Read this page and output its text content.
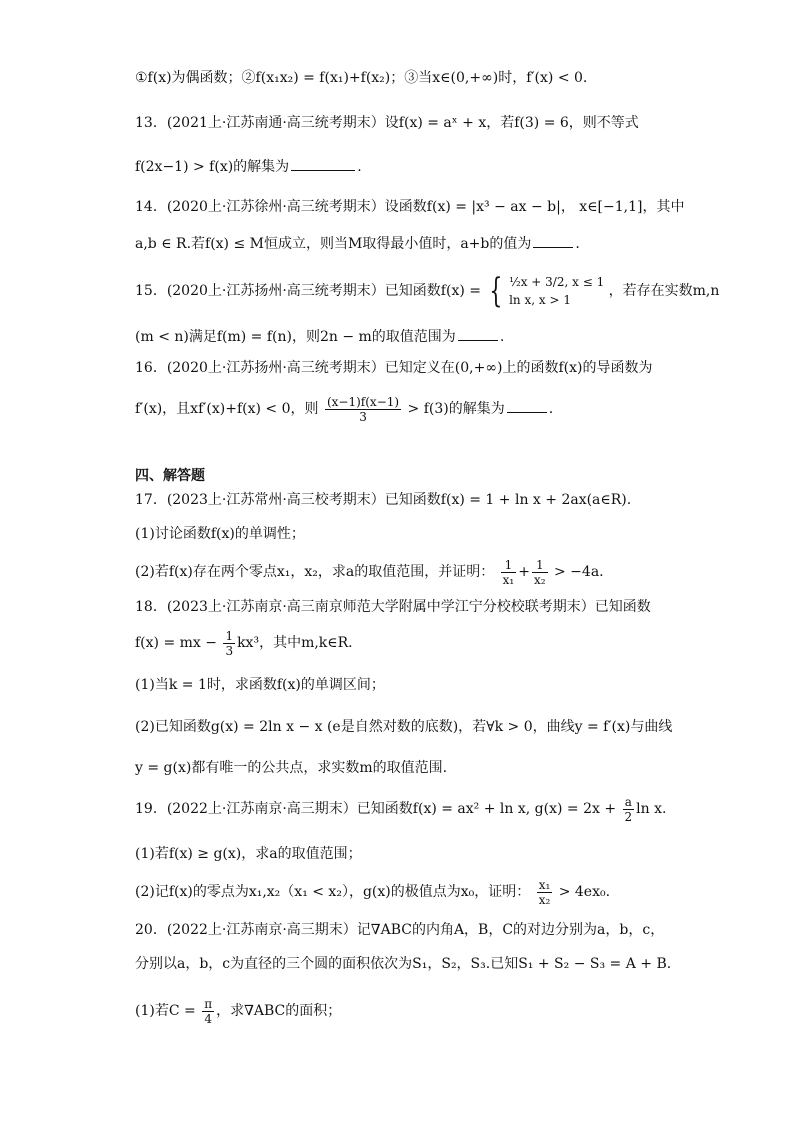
①f(x)为偶函数；②f(x₁x₂) = f(x₁)+f(x₂)；③当x∈(0,+∞)时，f′(x) < 0.
13．(2021上·江苏南通·高三统考期末）设f(x) = aˣ + x，若f(3) = 6，则不等式
f(2x−1) > f(x)的解集为	.
14．(2020上·江苏徐州·高三统考期末）设函数f(x) = |x³ − ax − b|， x∈[−1,1]，其中
a,b ∈ R.若f(x) ≤ M恒成立，则当M取得最小值时，a+b的值为	.
15．(2020上·江苏扬州·高三统考期末）已知函数f(x) = { ½x + 3/2, x ≤ 1
ln x, x > 1
，若存在实数m,n
(m < n)满足f(m) = f(n)，则2n − m的取值范围为	.
16．(2020上·江苏扬州·高三统考期末）已知定义在(0,+∞)上的函数f(x)的导函数为
f′(x)，且xf′(x)+f(x) < 0，则 $\frac{(x-1)f(x-1)}{3} > f(3)$的解集为	.
四、解答题
17．(2023上·江苏常州·高三校考期末）已知函数f(x) = 1 + ln x + 2ax(a∈R).
(1)讨论函数f(x)的单调性；
(2)若f(x)存在两个零点x₁，x₂，求a的取值范围，并证明： $\frac{1}{\text{x₁}} + \frac{1}{\text{x₂}} > -4a$.
18．(2023上·江苏南京·高三南京师范大学附属中学江宁分校校联考期末）已知函数
f(x) = mx − $\frac{1}{3} kx^3$，其中m,k∈R.
(1)当k = 1时，求函数f(x)的单调区间；
(2)已知函数g(x) = 2ln x − x (e是自然对数的底数)，若∀k > 0，曲线y = f′(x)与曲线
y = g(x)都有唯一的公共点，求实数m的取值范围.
19．(2022上·江苏南京·高三期末）已知函数f(x) = ax² + ln x, $g(x) = 2x + \frac{a}{2}$ ln x.
(1)若f(x) ≥ g(x)，求a的取值范围；
(2)记f(x)的零点为x₁,x₂（x₁ < x₂），g(x)的极值点为x₀，证明： $\frac{\text{x₁}}{\text{x₂}} > 4ex_0$.
20．(2022上·江苏南京·高三期末）记∇ABC的内角A，B，C的对边分别为a，b，c，
分别以a，b，c为直径的三个圆的面积依次为S₁，S₂，S₃.已知S₁ + S₂ − S₃ = A + B.
(1)若$C = \frac{\pi}{4}$ ，求∇ABC的面积；
